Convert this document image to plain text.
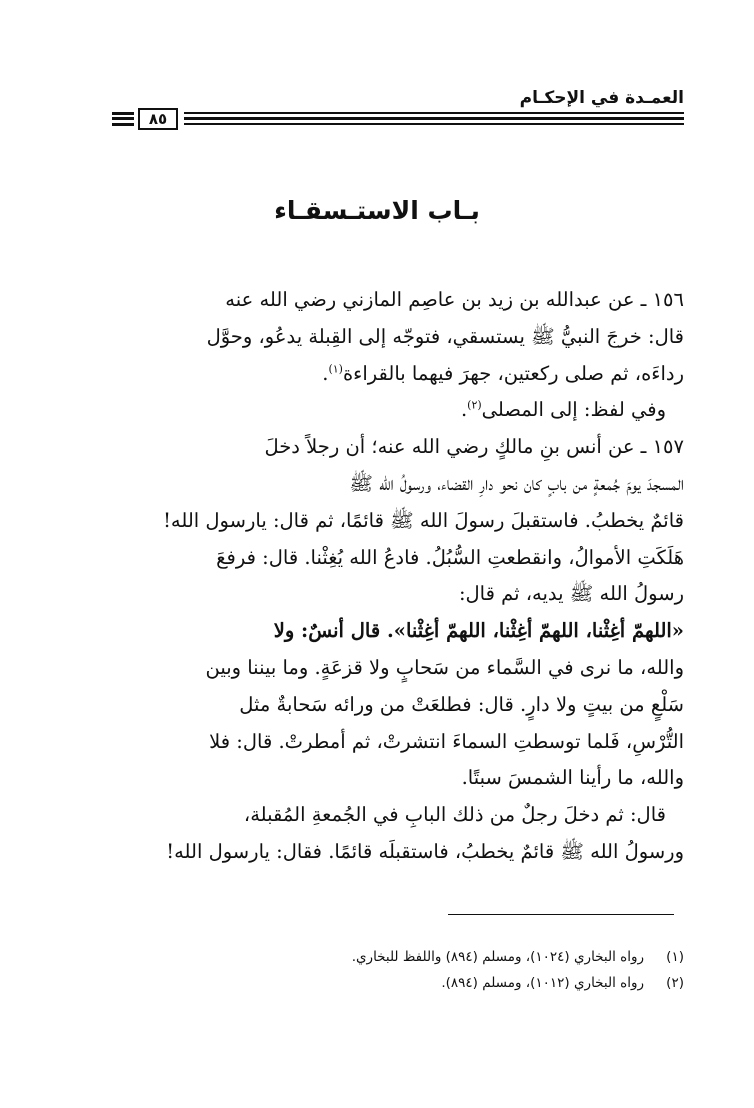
العمـدة في الإحكـام
٨٥
بـاب الاستـسقـاء
١٥٦ ـ عن عبدالله بن زيد بن عاصِم المازني رضي الله عنه
قال: خرجَ النبيُّ ﷺ يستسقي، فتوجّه إلى القِبلة يدعُو، وحوَّل
رداءَه، ثم صلى ركعتين، جهرَ فيهما بالقراءة$^{(١)}$.
وفي لفظ: إلى المصلى$^{(٢)}$.
١٥٧ ـ عن أنس بنِ مالكٍ رضي الله عنه؛ أن رجلاً دخلَ
المسجدَ يومَ جُمعةٍ من بابٍ كان نحو دارِ القضاء، ورسولُ الله ﷺ
قائمٌ يخطبُ. فاستقبلَ رسولَ الله ﷺ قائمًا، ثم قال: يارسول الله!
هَلَكَتِ الأموالُ، وانقطعتِ السُّبُلُ. فادعُ الله يُغِثْنا. قال: فرفعَ
رسولُ الله ﷺ يديه، ثم قال:
«اللهمّ أغِثْنا، اللهمّ أغِثْنا، اللهمّ أغِثْنا». قال أنسٌ: ولا
والله، ما نرى في السَّماء من سَحابٍ ولا قزعَةٍ. وما بيننا وبين
سَلْعٍ من بيتٍ ولا دارٍ. قال: فطلعَتْ من ورائه سَحابةٌ مثل
التُّرْسِ، فَلما توسطتِ السماءَ انتشرتْ، ثم أمطرتْ. قال: فلا
والله، ما رأينا الشمسَ سبتًا.
قال: ثم دخلَ رجلٌ من ذلك البابِ في الجُمعةِ المُقبلة،
ورسولُ الله ﷺ قائمٌ يخطبُ، فاستقبلَه قائمًا. فقال: يارسول الله!
(١)
رواه البخاري (١٠٢٤)، ومسلم (٨٩٤) واللفظ للبخاري.
(٢)
رواه البخاري (١٠١٢)، ومسلم (٨٩٤).
